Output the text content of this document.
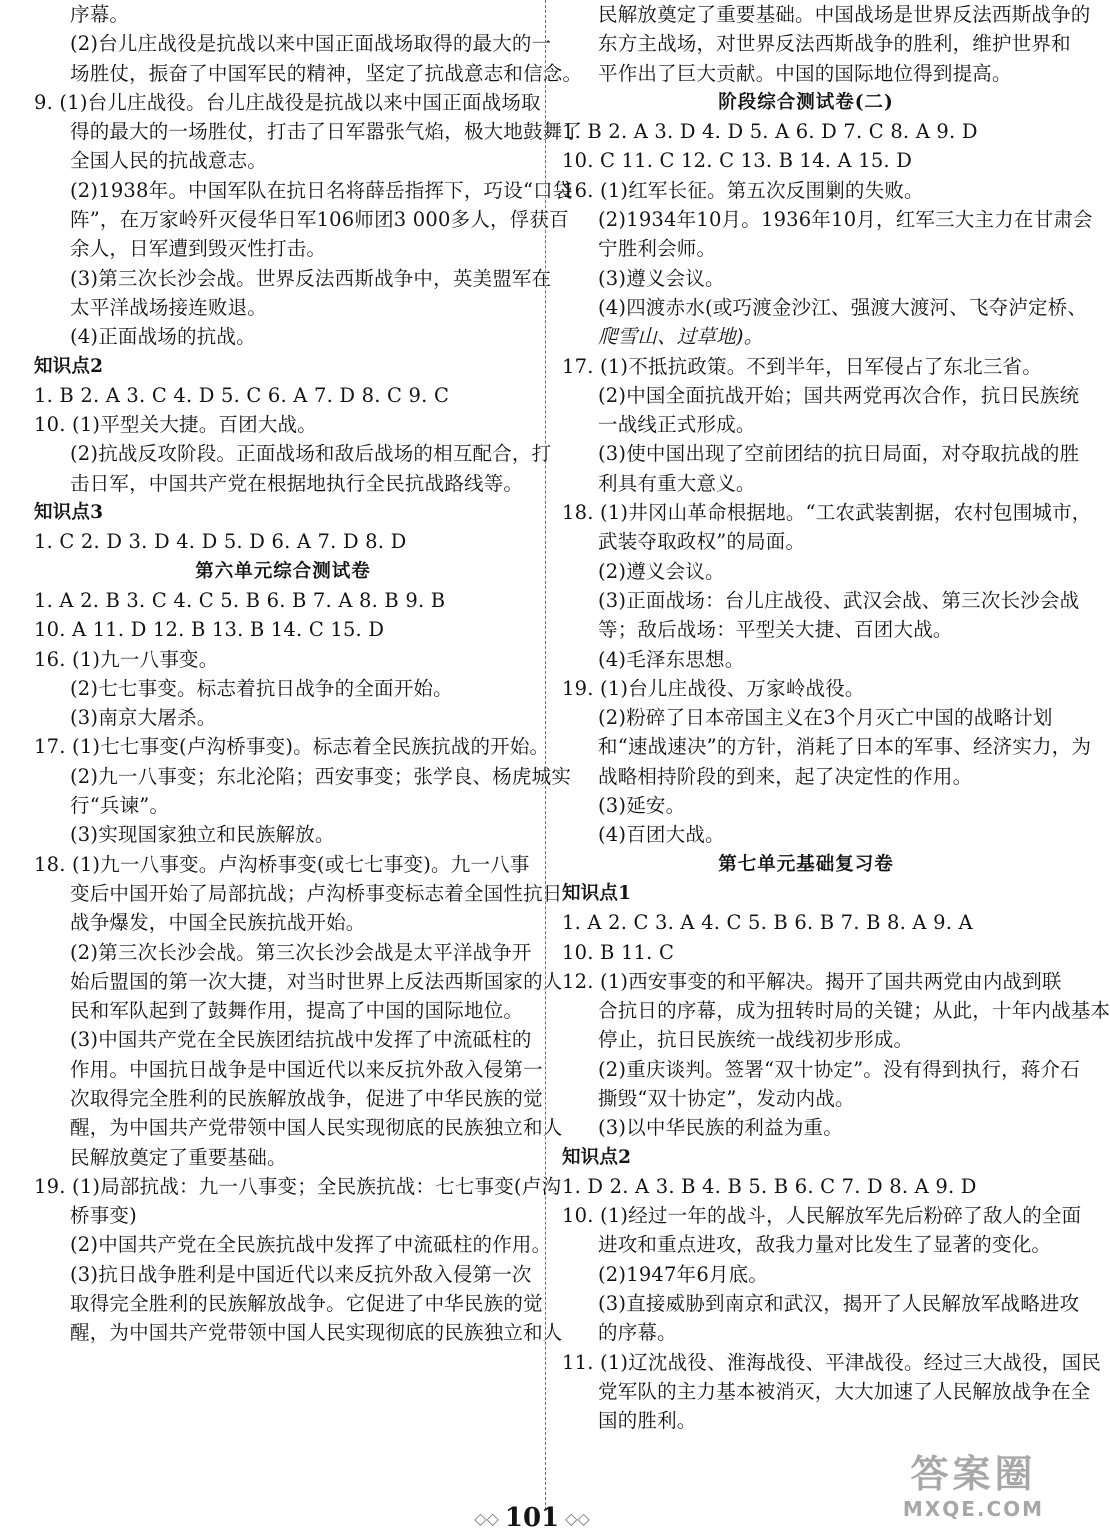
序幕。
(2)台儿庄战役是抗战以来中国正面战场取得的最大的一
场胜仗，振奋了中国军民的精神，坚定了抗战意志和信念。
9. (1)台儿庄战役。台儿庄战役是抗战以来中国正面战场取
得的最大的一场胜仗，打击了日军嚣张气焰，极大地鼓舞了
全国人民的抗战意志。
(2)1938年。中国军队在抗日名将薛岳指挥下，巧设“口袋
阵”，在万家岭歼灭侵华日军106师团3 000多人，俘获百
余人，日军遭到毁灭性打击。
(3)第三次长沙会战。世界反法西斯战争中，英美盟军在
太平洋战场接连败退。
(4)正面战场的抗战。
知识点2
1. B 2. A 3. C 4. D 5. C 6. A 7. D 8. C 9. C
10. (1)平型关大捷。百团大战。
(2)抗战反攻阶段。正面战场和敌后战场的相互配合，打
击日军，中国共产党在根据地执行全民抗战路线等。
知识点3
1. C 2. D 3. D 4. D 5. D 6. A 7. D 8. D
第六单元综合测试卷
1. A 2. B 3. C 4. C 5. B 6. B 7. A 8. B 9. B
10. A 11. D 12. B 13. B 14. C 15. D
16. (1)九一八事变。
(2)七七事变。标志着抗日战争的全面开始。
(3)南京大屠杀。
17. (1)七七事变(卢沟桥事变)。标志着全民族抗战的开始。
(2)九一八事变；东北沦陷；西安事变；张学良、杨虎城实
行“兵谏”。
(3)实现国家独立和民族解放。
18. (1)九一八事变。卢沟桥事变(或七七事变)。九一八事
变后中国开始了局部抗战；卢沟桥事变标志着全国性抗日
战争爆发，中国全民族抗战开始。
(2)第三次长沙会战。第三次长沙会战是太平洋战争开
始后盟国的第一次大捷，对当时世界上反法西斯国家的人
民和军队起到了鼓舞作用，提高了中国的国际地位。
(3)中国共产党在全民族团结抗战中发挥了中流砥柱的
作用。中国抗日战争是中国近代以来反抗外敌入侵第一
次取得完全胜利的民族解放战争，促进了中华民族的觉
醒，为中国共产党带领中国人民实现彻底的民族独立和人
民解放奠定了重要基础。
19. (1)局部抗战：九一八事变；全民族抗战：七七事变(卢沟
桥事变)
(2)中国共产党在全民族抗战中发挥了中流砥柱的作用。
(3)抗日战争胜利是中国近代以来反抗外敌入侵第一次
取得完全胜利的民族解放战争。它促进了中华民族的觉
醒，为中国共产党带领中国人民实现彻底的民族独立和人
民解放奠定了重要基础。中国战场是世界反法西斯战争的
东方主战场，对世界反法西斯战争的胜利，维护世界和
平作出了巨大贡献。中国的国际地位得到提高。
阶段综合测试卷(二)
1. B 2. A 3. D 4. D 5. A 6. D 7. C 8. A 9. D
10. C 11. C 12. C 13. B 14. A 15. D
16. (1)红军长征。第五次反围剿的失败。
(2)1934年10月。1936年10月，红军三大主力在甘肃会
宁胜利会师。
(3)遵义会议。
(4)四渡赤水(或巧渡金沙江、强渡大渡河、飞夺泸定桥、
爬雪山、过草地)。
17. (1)不抵抗政策。不到半年，日军侵占了东北三省。
(2)中国全面抗战开始；国共两党再次合作，抗日民族统
一战线正式形成。
(3)使中国出现了空前团结的抗日局面，对夺取抗战的胜
利具有重大意义。
18. (1)井冈山革命根据地。“工农武装割据，农村包围城市，
武装夺取政权”的局面。
(2)遵义会议。
(3)正面战场：台儿庄战役、武汉会战、第三次长沙会战
等；敌后战场：平型关大捷、百团大战。
(4)毛泽东思想。
19. (1)台儿庄战役、万家岭战役。
(2)粉碎了日本帝国主义在3个月灭亡中国的战略计划
和“速战速决”的方针，消耗了日本的军事、经济实力，为
战略相持阶段的到来，起了决定性的作用。
(3)延安。
(4)百团大战。
第七单元基础复习卷
知识点1
1. A 2. C 3. A 4. C 5. B 6. B 7. B 8. A 9. A
10. B 11. C
12. (1)西安事变的和平解决。揭开了国共两党由内战到联
合抗日的序幕，成为扭转时局的关键；从此，十年内战基本
停止，抗日民族统一战线初步形成。
(2)重庆谈判。签署“双十协定”。没有得到执行，蒋介石
撕毁“双十协定”，发动内战。
(3)以中华民族的利益为重。
知识点2
1. D 2. A 3. B 4. B 5. B 6. C 7. D 8. A 9. D
10. (1)经过一年的战斗，人民解放军先后粉碎了敌人的全面
进攻和重点进攻，敌我力量对比发生了显著的变化。
(2)1947年6月底。
(3)直接威胁到南京和武汉，揭开了人民解放军战略进攻
的序幕。
11. (1)辽沈战役、淮海战役、平津战役。经过三大战役，国民
党军队的主力基本被消灭，大大加速了人民解放战争在全
国的胜利。
◇◇ 101 ◇◇
答案圈
MXQE.COM
